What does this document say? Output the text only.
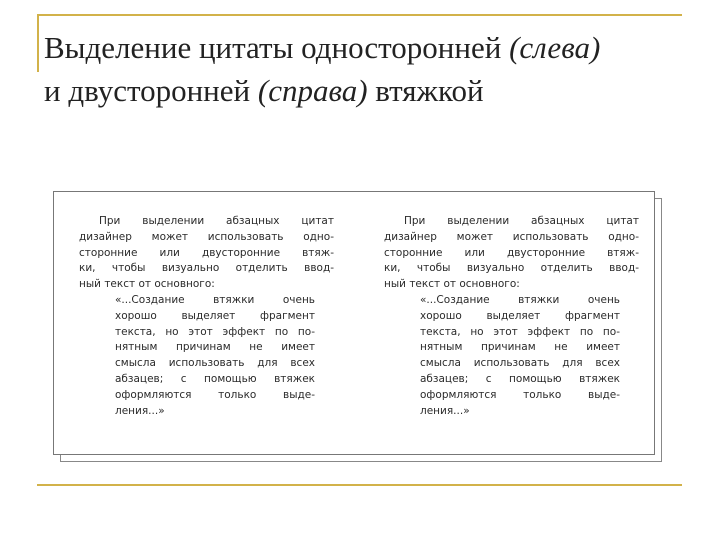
Выделение цитаты односторонней (слева)
и двусторонней (справа) втяжкой
При выделении абзацных цитат
дизайнер может использовать одно-
сторонние или двусторонние втяж-
ки, чтобы визуально отделить ввод-
ный текст от основного:
«...Создание втяжки очень
хорошо выделяет фрагмент
текста, но этот эффект по по-
нятным причинам не имеет
смысла использовать для всех
абзацев; с помощью втяжек
оформляются только выде-
ления...»
При выделении абзацных цитат
дизайнер может использовать одно-
сторонние или двусторонние втяж-
ки, чтобы визуально отделить ввод-
ный текст от основного:
«...Создание втяжки очень
хорошо выделяет фрагмент
текста, но этот эффект по по-
нятным причинам не имеет
смысла использовать для всех
абзацев; с помощью втяжек
оформляются только выде-
ления...»
